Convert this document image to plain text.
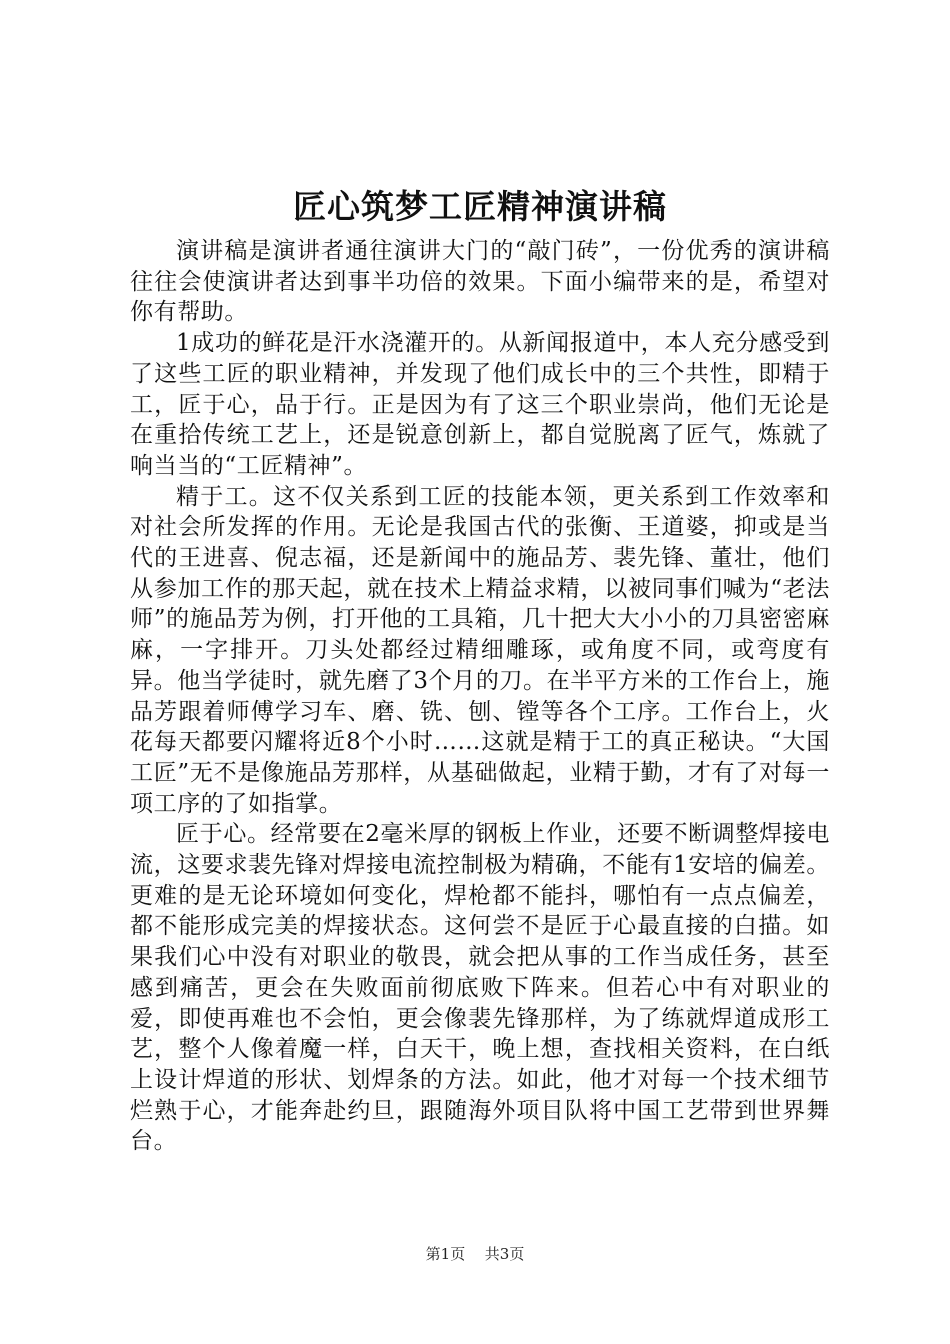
匠心筑梦工匠精神演讲稿

演讲稿是演讲者通往演讲大门的“敲门砖”，一份优秀的演讲稿往往会使演讲者达到事半功倍的效果。下面小编带来的是，希望对你有帮助。

1成功的鲜花是汗水浇灌开的。从新闻报道中，本人充分感受到了这些工匠的职业精神，并发现了他们成长中的三个共性，即精于工，匠于心，品于行。正是因为有了这三个职业崇尚，他们无论是在重拾传统工艺上，还是锐意创新上，都自觉脱离了匠气，炼就了响当当的“工匠精神”。

精于工。这不仅关系到工匠的技能本领，更关系到工作效率和对社会所发挥的作用。无论是我国古代的张衡、王道婆，抑或是当代的王进喜、倪志福，还是新闻中的施品芳、裴先锋、董壮，他们从参加工作的那天起，就在技术上精益求精，以被同事们喊为“老法师”的施品芳为例，打开他的工具箱，几十把大大小小的刀具密密麻麻，一字排开。刀头处都经过精细雕琢，或角度不同，或弯度有异。他当学徒时，就先磨了3个月的刀。在半平方米的工作台上，施品芳跟着师傅学习车、磨、铣、刨、镗等各个工序。工作台上，火花每天都要闪耀将近8个小时……这就是精于工的真正秘诀。“大国工匠”无不是像施品芳那样，从基础做起，业精于勤，才有了对每一项工序的了如指掌。

匠于心。经常要在2毫米厚的钢板上作业，还要不断调整焊接电流，这要求裴先锋对焊接电流控制极为精确，不能有1安培的偏差。更难的是无论环境如何变化，焊枪都不能抖，哪怕有一点点偏差，都不能形成完美的焊接状态。这何尝不是匠于心最直接的白描。如果我们心中没有对职业的敬畏，就会把从事的工作当成任务，甚至感到痛苦，更会在失败面前彻底败下阵来。但若心中有对职业的爱，即使再难也不会怕，更会像裴先锋那样，为了练就焊道成形工艺，整个人像着魔一样，白天干，晚上想，查找相关资料，在白纸上设计焊道的形状、划焊条的方法。如此，他才对每一个技术细节烂熟于心，才能奔赴约旦，跟随海外项目队将中国工艺带到世界舞台。

第1页 共3页
